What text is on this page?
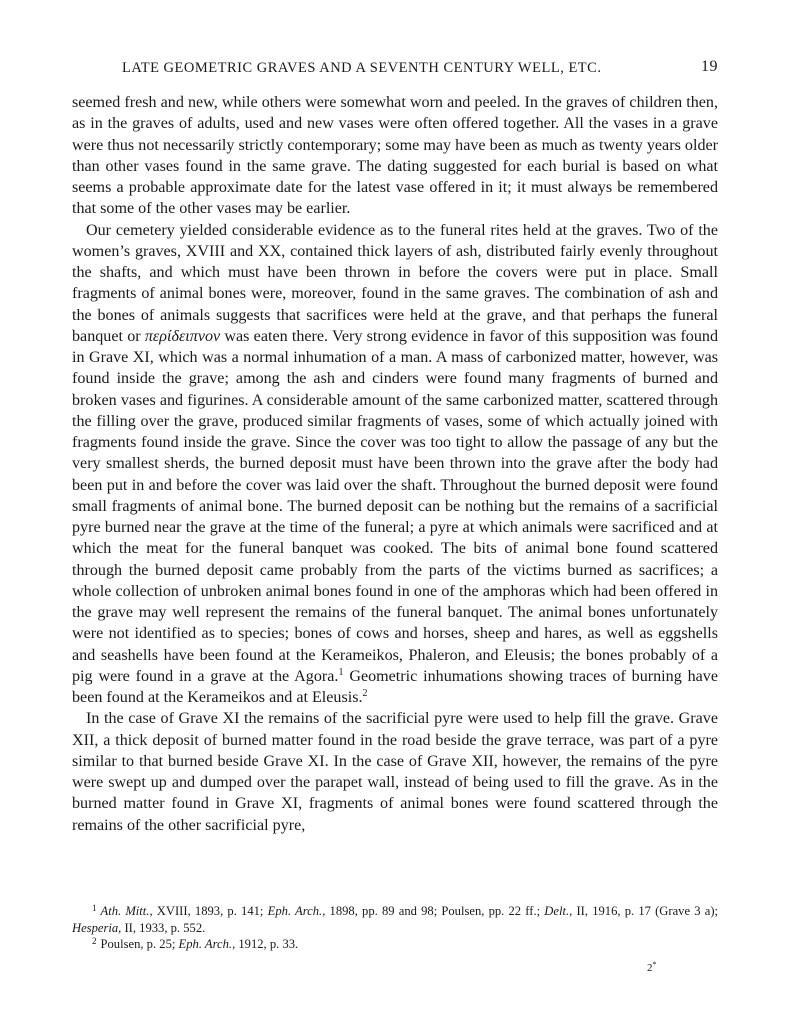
LATE GEOMETRIC GRAVES AND A SEVENTH CENTURY WELL, ETC.	19

seemed fresh and new, while others were somewhat worn and peeled. In the graves of children then, as in the graves of adults, used and new vases were often offered together. All the vases in a grave were thus not necessarily strictly contemporary; some may have been as much as twenty years older than other vases found in the same grave. The dating suggested for each burial is based on what seems a probable approximate date for the latest vase offered in it; it must always be remembered that some of the other vases may be earlier.

Our cemetery yielded considerable evidence as to the funeral rites held at the graves. Two of the women’s graves, XVIII and XX, contained thick layers of ash, distributed fairly evenly throughout the shafts, and which must have been thrown in before the covers were put in place. Small fragments of animal bones were, moreover, found in the same graves. The combination of ash and the bones of animals suggests that sacrifices were held at the grave, and that perhaps the funeral banquet or περίδειπνον was eaten there. Very strong evidence in favor of this supposition was found in Grave XI, which was a normal inhumation of a man. A mass of carbonized matter, however, was found inside the grave; among the ash and cinders were found many fragments of burned and broken vases and figurines. A considerable amount of the same carbonized matter, scattered through the filling over the grave, produced similar fragments of vases, some of which actually joined with fragments found inside the grave. Since the cover was too tight to allow the passage of any but the very smallest sherds, the burned deposit must have been thrown into the grave after the body had been put in and before the cover was laid over the shaft. Throughout the burned deposit were found small fragments of animal bone. The burned deposit can be nothing but the remains of a sacrificial pyre burned near the grave at the time of the funeral; a pyre at which animals were sacrificed and at which the meat for the funeral banquet was cooked. The bits of animal bone found scattered through the burned deposit came probably from the parts of the victims burned as sacrifices; a whole collection of unbroken animal bones found in one of the amphoras which had been offered in the grave may well represent the remains of the funeral banquet. The animal bones unfortunately were not identified as to species; bones of cows and horses, sheep and hares, as well as eggshells and seashells have been found at the Kerameikos, Phaleron, and Eleusis; the bones probably of a pig were found in a grave at the Agora.$^1$ Geometric inhumations showing traces of burning have been found at the Kerameikos and at Eleusis.$^2$

In the case of Grave XI the remains of the sacrificial pyre were used to help fill the grave. Grave XII, a thick deposit of burned matter found in the road beside the grave terrace, was part of a pyre similar to that burned beside Grave XI. In the case of Grave XII, however, the remains of the pyre were swept up and dumped over the parapet wall, instead of being used to fill the grave. As in the burned matter found in Grave XI, fragments of animal bones were found scattered through the remains of the other sacrificial pyre,

$^1$ Ath. Mitt., XVIII, 1893, p. 141; Eph. Arch., 1898, pp. 89 and 98; Poulsen, pp. 22 ff.; Delt., II, 1916, p. 17 (Grave 3 a); Hesperia, II, 1933, p. 552.

$^2$ Poulsen, p. 25; Eph. Arch., 1912, p. 33.

2*
